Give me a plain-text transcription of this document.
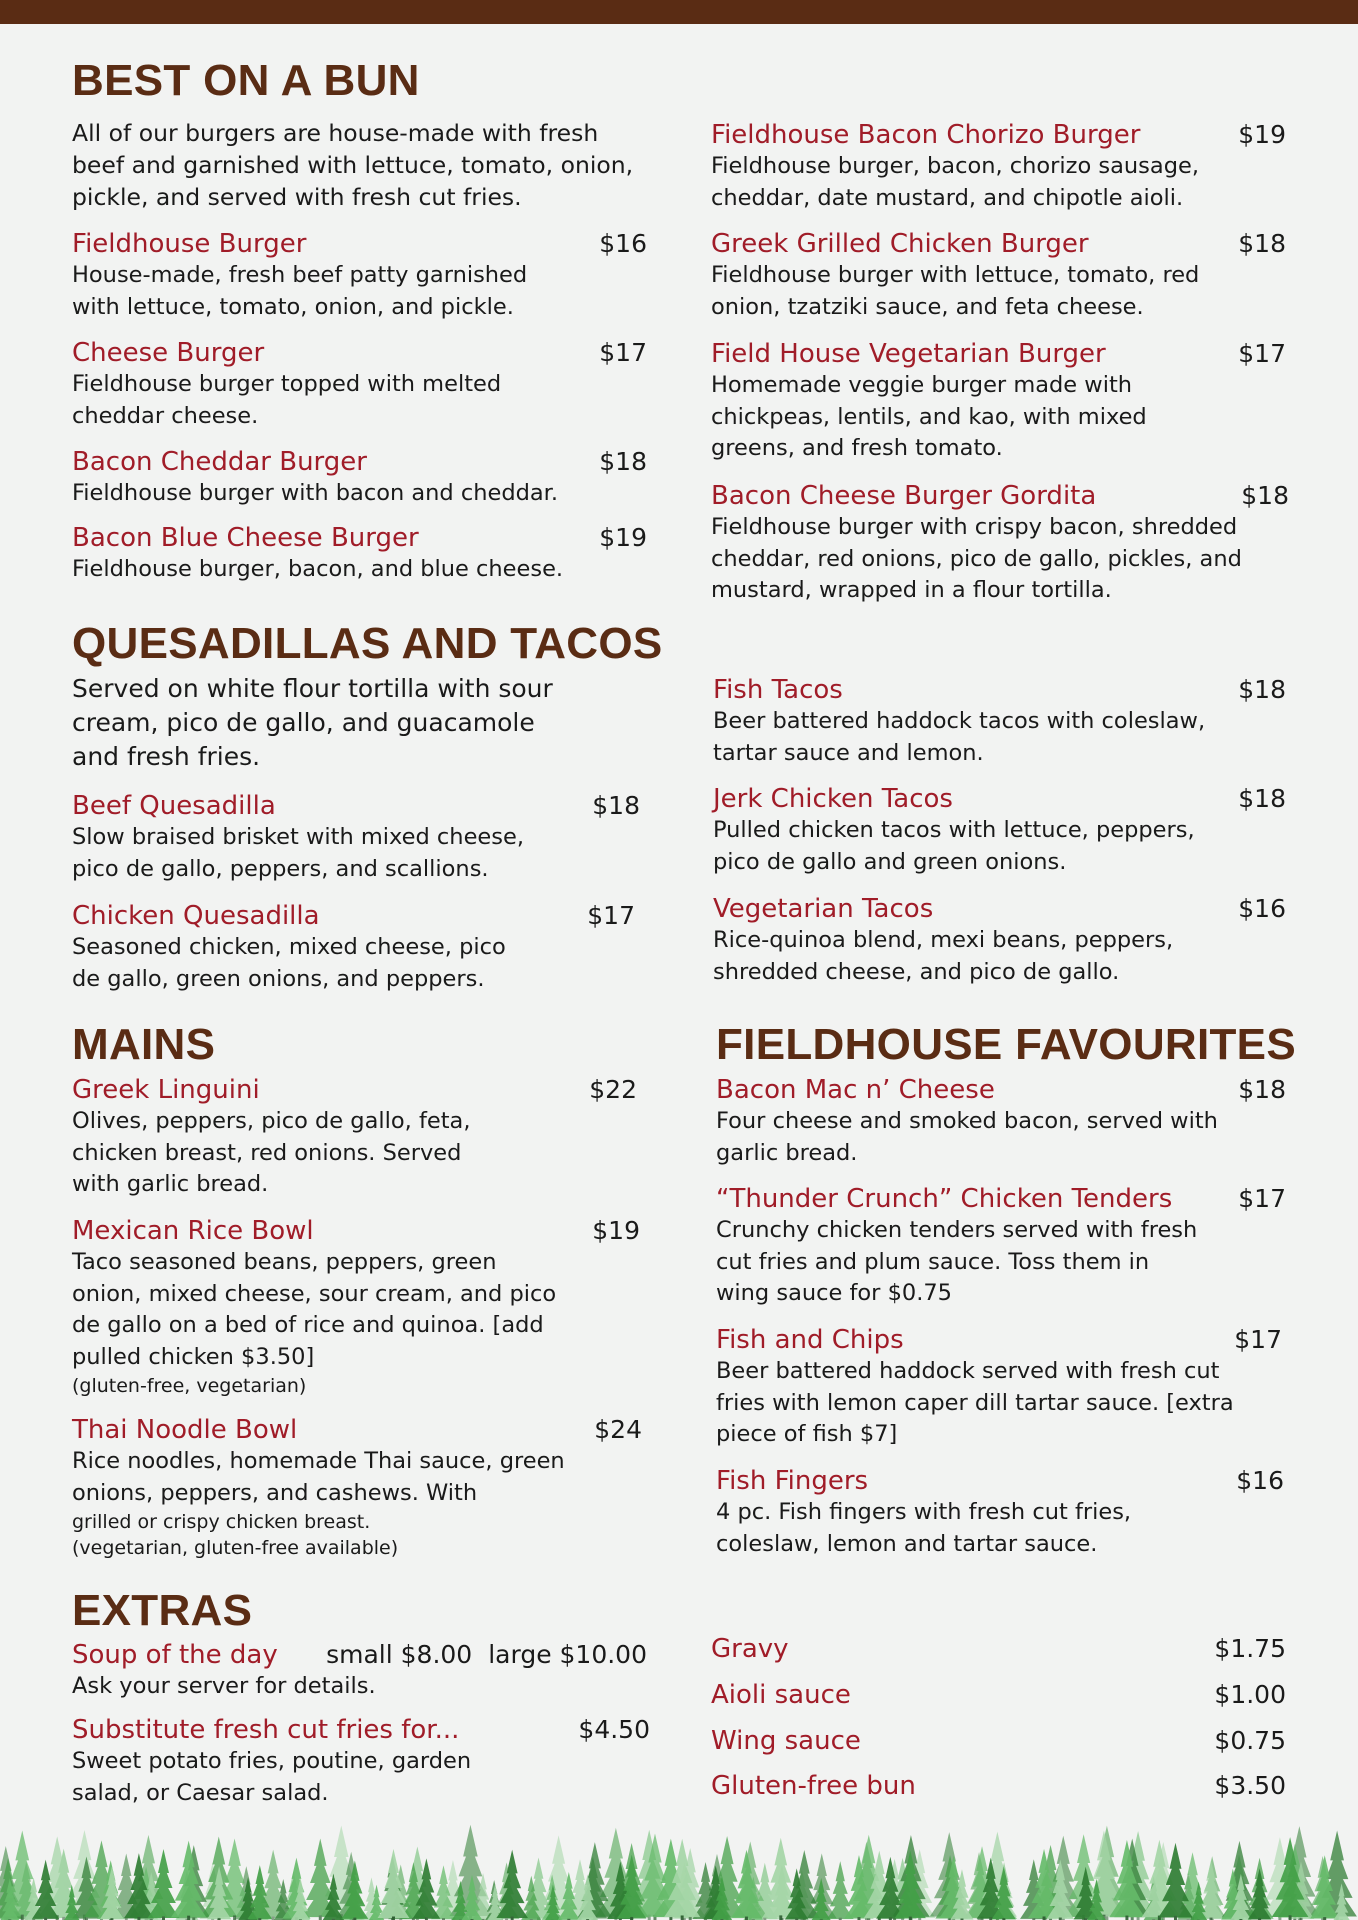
BEST ON A BUN
All of our burgers are house-made with fresh beef and garnished with lettuce, tomato, onion, pickle, and served with fresh cut fries.
Fieldhouse Burger	$16
House-made, fresh beef patty garnished with lettuce, tomato, onion, and pickle.
Cheese Burger	$17
Fieldhouse burger topped with melted cheddar cheese.
Bacon Cheddar Burger	$18
Fieldhouse burger with bacon and cheddar.
Bacon Blue Cheese Burger	$19
Fieldhouse burger, bacon, and blue cheese.
Fieldhouse Bacon Chorizo Burger	$19
Fieldhouse burger, bacon, chorizo sausage, cheddar, date mustard, and chipotle aioli.
Greek Grilled Chicken Burger	$18
Fieldhouse burger with lettuce, tomato, red onion, tzatziki sauce, and feta cheese.
Field House Vegetarian Burger	$17
Homemade veggie burger made with chickpeas, lentils, and kao, with mixed greens, and fresh tomato.
Bacon Cheese Burger Gordita	$18
Fieldhouse burger with crispy bacon, shredded cheddar, red onions, pico de gallo, pickles, and mustard, wrapped in a flour tortilla.
QUESADILLAS AND TACOS
Served on white flour tortilla with sour cream, pico de gallo, and guacamole and fresh fries.
Beef Quesadilla	$18
Slow braised brisket with mixed cheese, pico de gallo, peppers, and scallions.
Chicken Quesadilla	$17
Seasoned chicken, mixed cheese, pico de gallo, green onions, and peppers.
Fish Tacos	$18
Beer battered haddock tacos with coleslaw, tartar sauce and lemon.
Jerk Chicken Tacos	$18
Pulled chicken tacos with lettuce, peppers, pico de gallo and green onions.
Vegetarian Tacos	$16
Rice-quinoa blend, mexi beans, peppers, shredded cheese, and pico de gallo.
MAINS
Greek Linguini	$22
Olives, peppers, pico de gallo, feta, chicken breast, red onions. Served with garlic bread.
Mexican Rice Bowl	$19
Taco seasoned beans, peppers, green onion, mixed cheese, sour cream, and pico de gallo on a bed of rice and quinoa. [add pulled chicken $3.50]
(gluten-free, vegetarian)
Thai Noodle Bowl	$24
Rice noodles, homemade Thai sauce, green onions, peppers, and cashews. With
grilled or crispy chicken breast. (vegetarian, gluten-free available)
FIELDHOUSE FAVOURITES
Bacon Mac n’ Cheese	$18
Four cheese and smoked bacon, served with garlic bread.
“Thunder Crunch” Chicken Tenders	$17
Crunchy chicken tenders served with fresh cut fries and plum sauce. Toss them in wing sauce for $0.75
Fish and Chips	$17
Beer battered haddock served with fresh cut fries with lemon caper dill tartar sauce. [extra piece of fish $7]
Fish Fingers	$16
4 pc. Fish fingers with fresh cut fries, coleslaw, lemon and tartar sauce.
EXTRAS
Soup of the day small $8.00 large $10.00
Ask your server for details.
Substitute fresh cut fries for...	$4.50
Sweet potato fries, poutine, garden salad, or Caesar salad.
Gravy	$1.75
Aioli sauce	$1.00
Wing sauce	$0.75
Gluten-free bun	$3.50
